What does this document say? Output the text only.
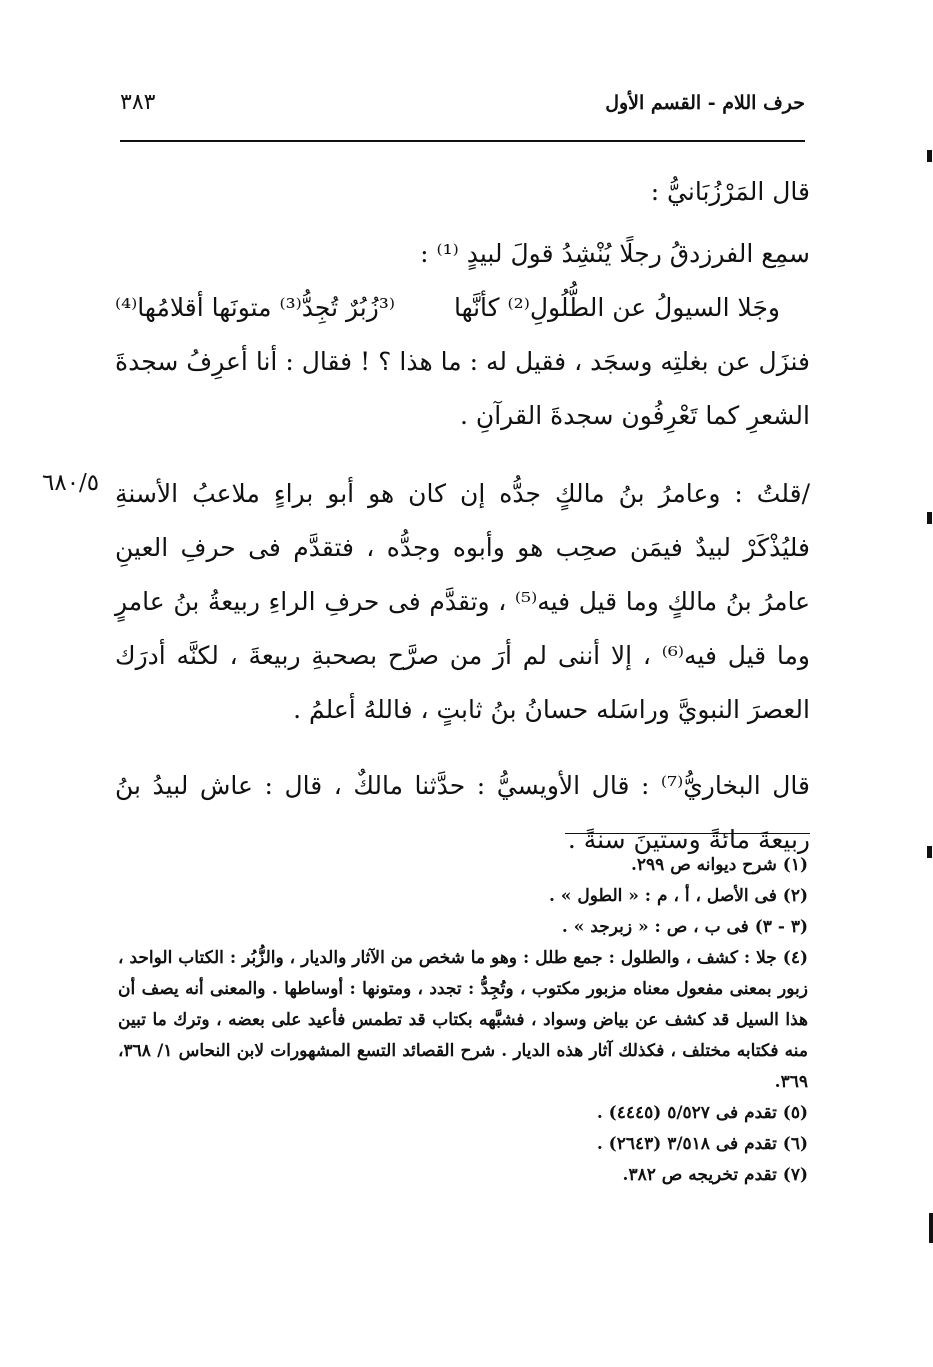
حرف اللام - القسم الأول
٣٨٣
٦٨٠/٥

قال المَرْزُبَانيُّ :

سمِع الفرزدقُ رجلًا يُنْشِدُ قولَ لبيدٍ ⁽¹⁾ :

وجَلا السيولُ عن الطُّلُولِ⁽²⁾ كأنَّها
⁽³زُبُرٌ تُجِدُّ⁽³⁾ متونَها أقلامُها⁽⁴⁾

فنزَل عن بغلتِه وسجَد ، فقيل له : ما هذا ؟ ! فقال : أنا أعرِفُ سجدةَ الشعرِ كما تَعْرِفُون سجدةَ القرآنِ .

/قلتُ : وعامرُ بنُ مالكٍ جدُّه إن كان هو أبو براءٍ ملاعبُ الأسنةِ فليُذْكَرْ لبيدٌ فيمَن صحِب هو وأبوه وجدُّه ، فتقدَّم فى حرفِ العينِ عامرُ بنُ مالكٍ وما قيل فيه⁽⁵⁾ ، وتقدَّم فى حرفِ الراءِ ربيعةُ بنُ عامرٍ وما قيل فيه⁽⁶⁾ ، إلا أننى لم أرَ من صرَّح بصحبةِ ربيعةَ ، لكنَّه أدرَك العصرَ النبويَّ وراسَله حسانُ بنُ ثابتٍ ، فاللهُ أعلمُ .

قال البخاريُّ⁽⁷⁾ : قال الأويسيُّ : حدَّثنا مالكٌ ، قال : عاش لبيدُ بنُ ربيعةَ مائةً وستينَ سنةً .

(١) شرح ديوانه ص ٢٩٩.

(٢) فى الأصل ، أ ، م : « الطول » .

(٣ - ٣) فى ب ، ص : « زبرجد » .

(٤) جلا : كشف ، والطلول : جمع طلل : وهو ما شخص من الآثار والديار ، والزُّبُر : الكتاب الواحد ، زبور بمعنى مفعول معناه مزبور مكتوب ، وتُجِدُّ : تجدد ، ومتونها : أوساطها . والمعنى أنه يصف أن هذا السيل قد كشف عن بياض وسواد ، فشبَّهه بكتاب قد تطمس فأعيد على بعضه ، وترك ما تبين منه فكتابه مختلف ، فكذلك آثار هذه الديار . شرح القصائد التسع المشهورات لابن النحاس ١/ ٣٦٨، ٣٦٩.

(٥) تقدم فى ٥/٥٢٧ (٤٤٤٥) .

(٦) تقدم فى ٣/٥١٨ (٢٦٤٣) .

(٧) تقدم تخريجه ص ٣٨٢.
